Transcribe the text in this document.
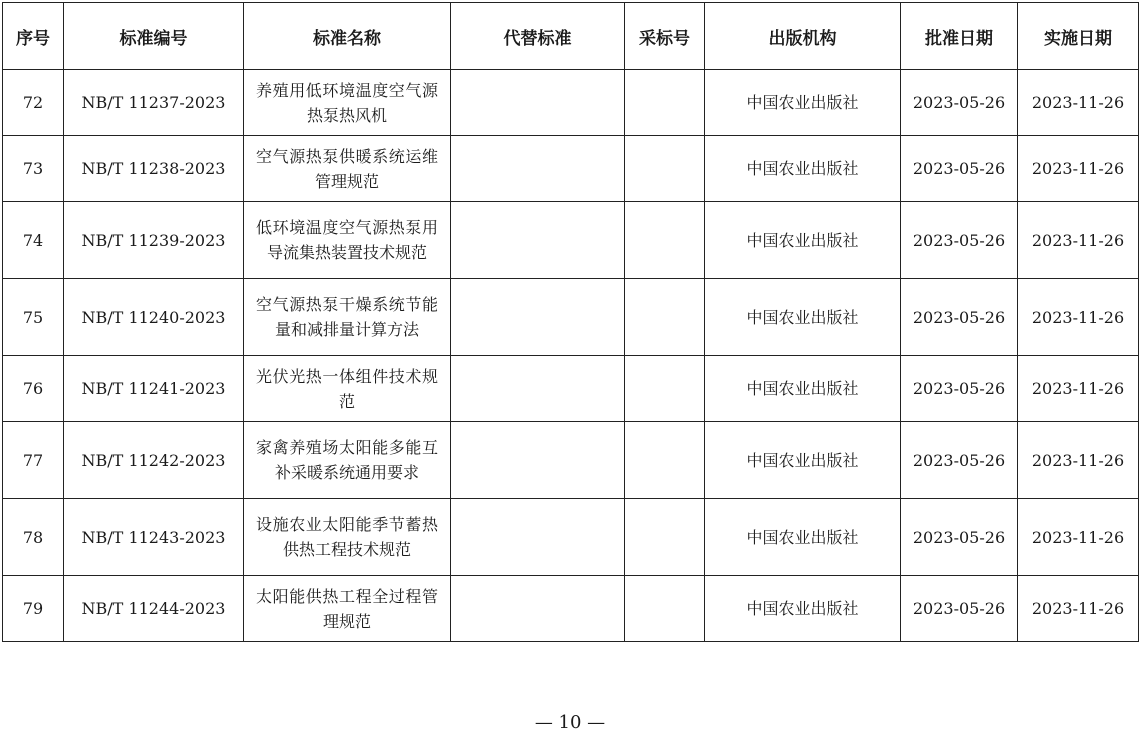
序号	标准编号	标准名称	代替标准	采标号	出版机构	批准日期	实施日期
72	NB/T 11237-2023	养殖用低环境温度空气源热泵热风机			中国农业出版社	2023-05-26	2023-11-26
73	NB/T 11238-2023	空气源热泵供暖系统运维管理规范			中国农业出版社	2023-05-26	2023-11-26
74	NB/T 11239-2023	低环境温度空气源热泵用导流集热装置技术规范			中国农业出版社	2023-05-26	2023-11-26
75	NB/T 11240-2023	空气源热泵干燥系统节能量和减排量计算方法			中国农业出版社	2023-05-26	2023-11-26
76	NB/T 11241-2023	光伏光热一体组件技术规范			中国农业出版社	2023-05-26	2023-11-26
77	NB/T 11242-2023	家禽养殖场太阳能多能互补采暖系统通用要求			中国农业出版社	2023-05-26	2023-11-26
78	NB/T 11243-2023	设施农业太阳能季节蓄热供热工程技术规范			中国农业出版社	2023-05-26	2023-11-26
79	NB/T 11244-2023	太阳能供热工程全过程管理规范			中国农业出版社	2023-05-26	2023-11-26
— 10 —
